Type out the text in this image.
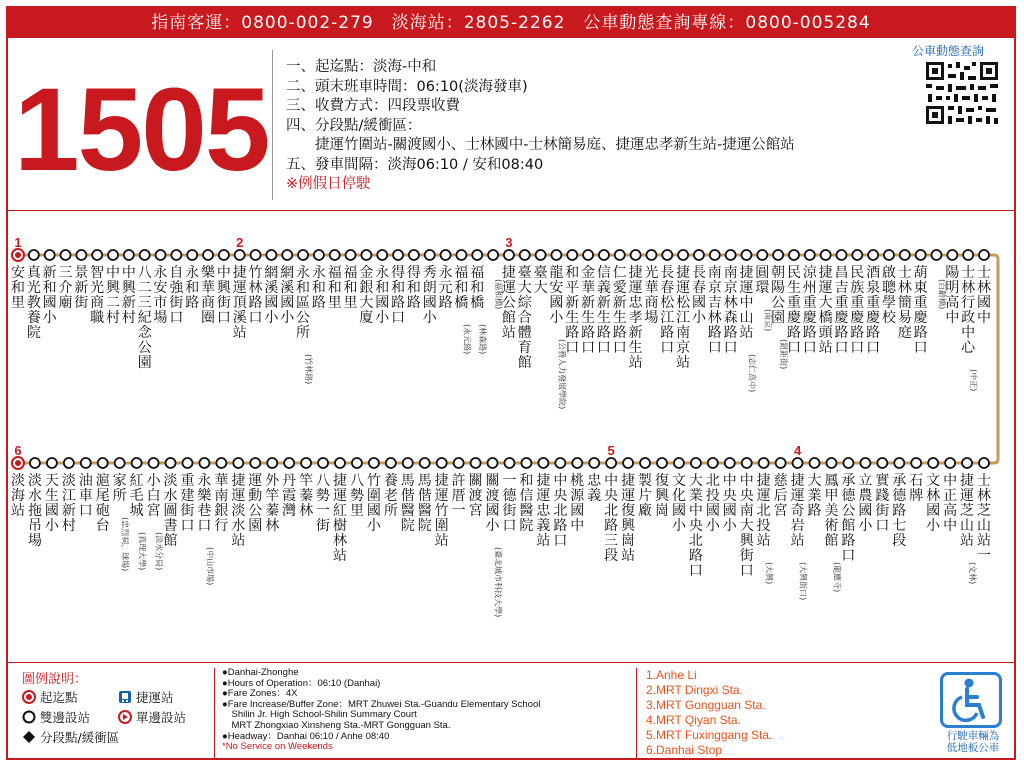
指南客運：0800-002-279　淡海站：2805-2262　公車動態查詢專線：0800-005284
1505 一、起迄點：淡海-中和
二、頭末班車時間：06:10(淡海發車)
三、收費方式：四段票收費
四、分段點/緩衝區：
　　捷運竹圍站-關渡國小、士林國中-士林簡易庭、捷運忠孝新生站-捷運公館站
五、發車間隔：淡海06:10 / 安和08:40
※例假日停駛
公車動態查詢
安
和
里
真
光
教
養
院
新
和
國
小
三
介
廟
景
新
街
智
光
商
職
中
興
二
村
中
興
新
村
八
二
三
紀
念
公
園
永
安
市
場
自
強
街
口
永
和
路
樂
華
商
圈
中
興
街
口
捷
運
頂
溪
站
竹
林
路
口
網
溪
國
小
網
溪
國
小
永
和
區
公
所
(竹林路)
永
和
路
福
和
里
福
和
里
金
銀
大
廈
永
和
國
小
得
和
路
口
得
和
路
秀
朗
國
小
永
元
路
福
和
橋
(永元路)
福
和
橋
(林森路)
(福和橋)
捷
運
公
館
站
臺
大
綜
合
體
育
館
臺
大
龍
安
國
小
(公務人力發展學院)
和
平
新
生
路
口
金
華
新
生
路
口
信
義
新
生
路
口
仁
愛
新
生
路
口
捷
運
忠
孝
新
生
站
光
華
商
場
長
春
松
江
路
口
捷
運
松
江
南
京
站
長
春
國
小
南
京
吉
林
路
口
南
京
林
森
路
口
捷
運
中
山
站
(志仁高中)
圓
環
(南京)
朝
陽
公
園
(鈕鉅街)
民
生
重
慶
路
口
涼
州
重
慶
路
口
捷
運
大
橋
頭
站
昌
吉
重
慶
路
口
民
族
重
慶
路
口
酒
泉
重
慶
路
口
啟
聰
學
校
士
林
簡
易
庭
葫
東
重
慶
路
口
(百齡橋)
陽
明
高
中
士
林
行
政
中
心
(中正)
士
林
國
中
淡
海
站
淡
水
拖
吊
場
天
生
國
小
淡
江
新
村
油
車
口
滬
尾
砲
台
家
所
(忠烈祠、球場)
紅
毛
城
(真理大學)
小
白
宮
(淡水分局)
淡
水
圖
書
館
重
建
街
口
永
樂
巷
口
(中山市場)
華
南
銀
行
捷
運
淡
水
站
運
動
公
園
外
竿
蓁
林
丹
霞
灣
竿
蓁
林
八
勢
一
街
捷
運
紅
樹
林
站
八
勢
里
竹
圍
國
小
養
老
所
馬
偕
醫
院
馬
偕
醫
院
捷
運
竹
圍
站
許
厝
一
關
渡
宮
關
渡
國
小
(臺北城市科技大學)
一
德
街
口
和
信
醫
院
捷
運
忠
義
站
中
央
北
路
口
桃
源
國
中
忠
義
中
央
北
路
三
段
捷
運
復
興
崗
站
製
片
廠
復
興
崗
文
化
國
小
大
業
中
央
北
路
口
北
投
國
小
中
央
國
小
中
央
南
大
興
街
口
捷
運
北
投
站
(大興)
慈
后
宮
捷
運
奇
岩
站
(大興街口)
大
業
路
鳳
甲
美
術
館
(龍應寺)
承
德
公
館
路
口
立
農
國
小
實
踐
街
口
承
德
路
七
段
石
牌
文
林
國
小
中
正
高
中
捷
運
芝
山
站
(文林)
士
林
芝
山
站
一
1	2	3
6	5	4
圖例說明：
起迄點	捷運站
雙邊設站	單邊設站
分段點/緩衝區
●Danhai-Zhonghe
●Hours of Operation：06:10 (Danhai)
●Fare Zones：4X
●Fare Increase/Buffer Zone：MRT Zhuwei Sta.-Guandu Elementary School
　Shilin Jr. High School-Shilin Summary Court
　MRT Zhongxiao Xinsheng Sta.-MRT Gongguan Sta.
●Headway：Danhai 06:10 / Anhe 08:40
*No Service on Weekends
1.Anhe Li
2.MRT Dingxi Sta.
3.MRT Gongguan Sta.
4.MRT Qiyan Sta.
5.MRT Fuxinggang Sta.
6.Danhai Stop
行駛車輛為
低地板公車
